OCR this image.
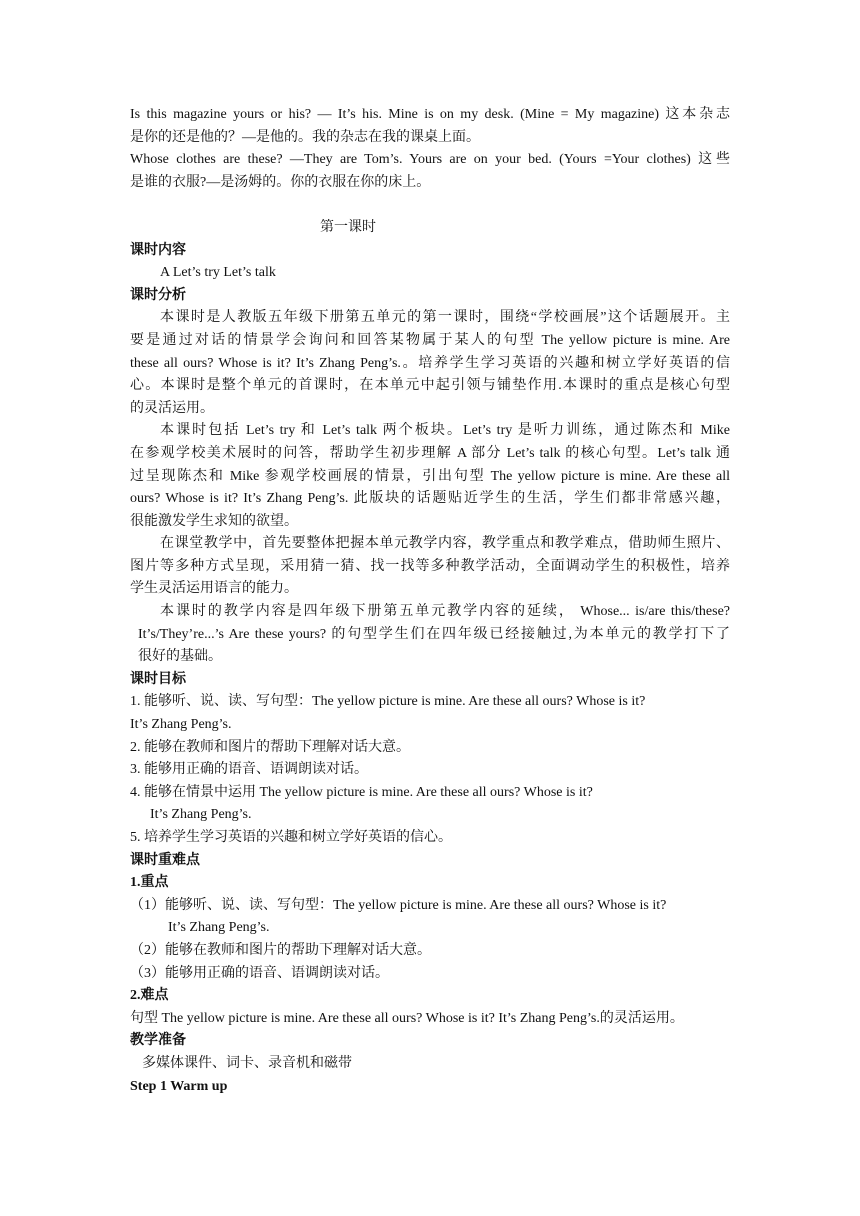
Is this magazine yours or his? — It’s his. Mine is on my desk. (Mine = My magazine) 这本杂志
是你的还是他的？—是他的。我的杂志在我的课桌上面。
Whose clothes are these? —They are Tom’s. Yours are on your bed. (Yours =Your clothes) 这些
是谁的衣服?—是汤姆的。你的衣服在你的床上。
第一课时
课时内容
A Let’s try Let’s talk
课时分析
本课时是人教版五年级下册第五单元的第一课时，围绕“学校画展”这个话题展开。主
要是通过对话的情景学会询问和回答某物属于某人的句型 The yellow picture is mine. Are
these all ours? Whose is it? It’s Zhang Peng’s.。培养学生学习英语的兴趣和树立学好英语的信
心。本课时是整个单元的首课时，在本单元中起引领与铺垫作用.本课时的重点是核心句型
的灵活运用。
本课时包括 Let’s try 和 Let’s talk 两个板块。Let’s try 是听力训练，通过陈杰和 Mike
在参观学校美术展时的问答，帮助学生初步理解 A 部分 Let’s talk 的核心句型。Let’s talk 通
过呈现陈杰和 Mike 参观学校画展的情景，引出句型 The yellow picture is mine. Are these all
ours? Whose is it? It’s Zhang Peng’s. 此版块的话题贴近学生的生活，学生们都非常感兴趣，
很能激发学生求知的欲望。
在课堂教学中，首先要整体把握本单元教学内容，教学重点和教学难点，借助师生照片、
图片等多种方式呈现，采用猜一猜、找一找等多种教学活动，全面调动学生的积极性，培养
学生灵活运用语言的能力。
本课时的教学内容是四年级下册第五单元教学内容的延续， Whose... is/are this/these?
It’s/They’re...’s Are these yours? 的句型学生们在四年级已经接触过,为本单元的教学打下了
很好的基础。
课时目标
1. 能够听、说、读、写句型：The yellow picture is mine. Are these all ours? Whose is it?
It’s Zhang Peng’s.
2. 能够在教师和图片的帮助下理解对话大意。
3. 能够用正确的语音、语调朗读对话。
4. 能够在情景中运用 The yellow picture is mine. Are these all ours? Whose is it?
It’s Zhang Peng’s.
5. 培养学生学习英语的兴趣和树立学好英语的信心。
课时重难点
1.重点
（1）能够听、说、读、写句型：The yellow picture is mine. Are these all ours? Whose is it?
It’s Zhang Peng’s.
（2）能够在教师和图片的帮助下理解对话大意。
（3）能够用正确的语音、语调朗读对话。
2.难点
句型 The yellow picture is mine. Are these all ours? Whose is it? It’s Zhang Peng’s.的灵活运用。
教学准备
多媒体课件、词卡、录音机和磁带
Step 1 Warm up
